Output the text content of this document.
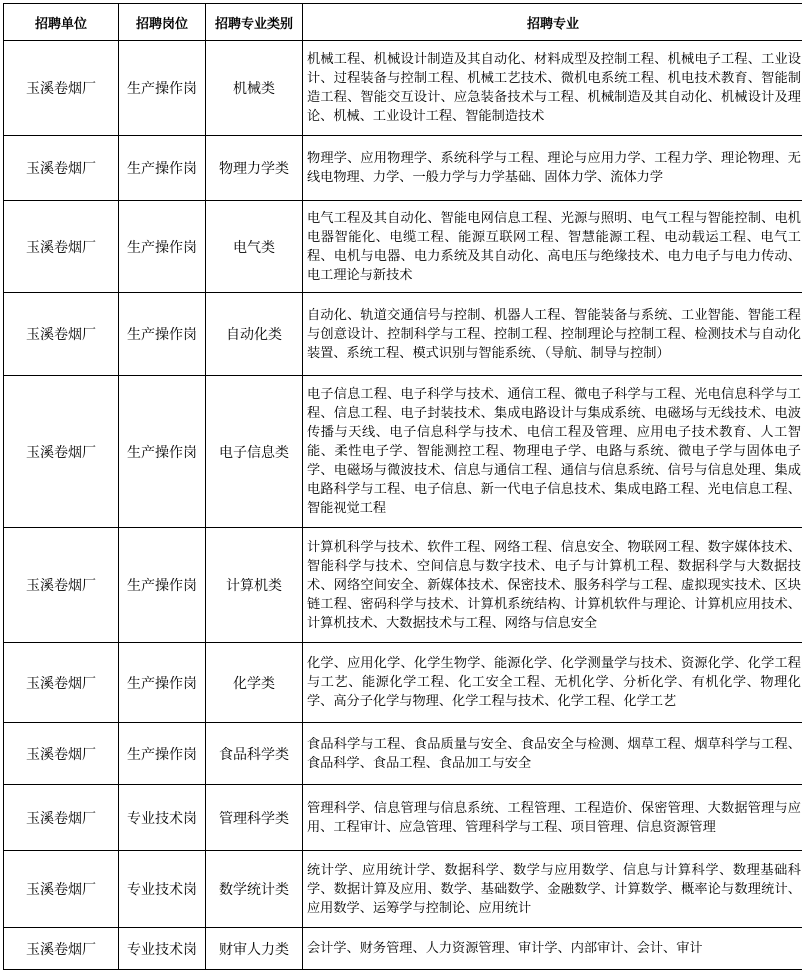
招聘单位	招聘岗位	招聘专业类别	招聘专业
玉溪卷烟厂	生产操作岗	机械类	机械工程、机械设计制造及其自动化、材料成型及控制工程、机械电子工程、工业设计、过程装备与控制工程、机械工艺技术、微机电系统工程、机电技术教育、智能制造工程、智能交互设计、应急装备技术与工程、机械制造及其自动化、机械设计及理论、机械、工业设计工程、智能制造技术
玉溪卷烟厂	生产操作岗	物理力学类	物理学、应用物理学、系统科学与工程、理论与应用力学、工程力学、理论物理、无线电物理、力学、一般力学与力学基础、固体力学、流体力学
玉溪卷烟厂	生产操作岗	电气类	电气工程及其自动化、智能电网信息工程、光源与照明、电气工程与智能控制、电机电器智能化、电缆工程、能源互联网工程、智慧能源工程、电动载运工程、电气工程、电机与电器、电力系统及其自动化、高电压与绝缘技术、电力电子与电力传动、电工理论与新技术
玉溪卷烟厂	生产操作岗	自动化类	自动化、轨道交通信号与控制、机器人工程、智能装备与系统、工业智能、智能工程与创意设计、控制科学与工程、控制工程、控制理论与控制工程、检测技术与自动化装置、系统工程、模式识别与智能系统、（导航、制导与控制）
玉溪卷烟厂	生产操作岗	电子信息类	电子信息工程、电子科学与技术、通信工程、微电子科学与工程、光电信息科学与工程、信息工程、电子封装技术、集成电路设计与集成系统、电磁场与无线技术、电波传播与天线、电子信息科学与技术、电信工程及管理、应用电子技术教育、人工智能、柔性电子学、智能测控工程、物理电子学、电路与系统、微电子学与固体电子学、电磁场与微波技术、信息与通信工程、通信与信息系统、信号与信息处理、集成电路科学与工程、电子信息、新一代电子信息技术、集成电路工程、光电信息工程、智能视觉工程
玉溪卷烟厂	生产操作岗	计算机类	计算机科学与技术、软件工程、网络工程、信息安全、物联网工程、数字媒体技术、智能科学与技术、空间信息与数字技术、电子与计算机工程、数据科学与大数据技术、网络空间安全、新媒体技术、保密技术、服务科学与工程、虚拟现实技术、区块链工程、密码科学与技术、计算机系统结构、计算机软件与理论、计算机应用技术、计算机技术、大数据技术与工程、网络与信息安全
玉溪卷烟厂	生产操作岗	化学类	化学、应用化学、化学生物学、能源化学、化学测量学与技术、资源化学、化学工程与工艺、能源化学工程、化工安全工程、无机化学、分析化学、有机化学、物理化学、高分子化学与物理、化学工程与技术、化学工程、化学工艺
玉溪卷烟厂	生产操作岗	食品科学类	食品科学与工程、食品质量与安全、食品安全与检测、烟草工程、烟草科学与工程、食品科学、食品工程、食品加工与安全
玉溪卷烟厂	专业技术岗	管理科学类	管理科学、信息管理与信息系统、工程管理、工程造价、保密管理、大数据管理与应用、工程审计、应急管理、管理科学与工程、项目管理、信息资源管理
玉溪卷烟厂	专业技术岗	数学统计类	统计学、应用统计学、数据科学、数学与应用数学、信息与计算科学、数理基础科学、数据计算及应用、数学、基础数学、金融数学、计算数学、概率论与数理统计、应用数学、运筹学与控制论、应用统计
玉溪卷烟厂	专业技术岗	财审人力类	会计学、财务管理、人力资源管理、审计学、内部审计、会计、审计
